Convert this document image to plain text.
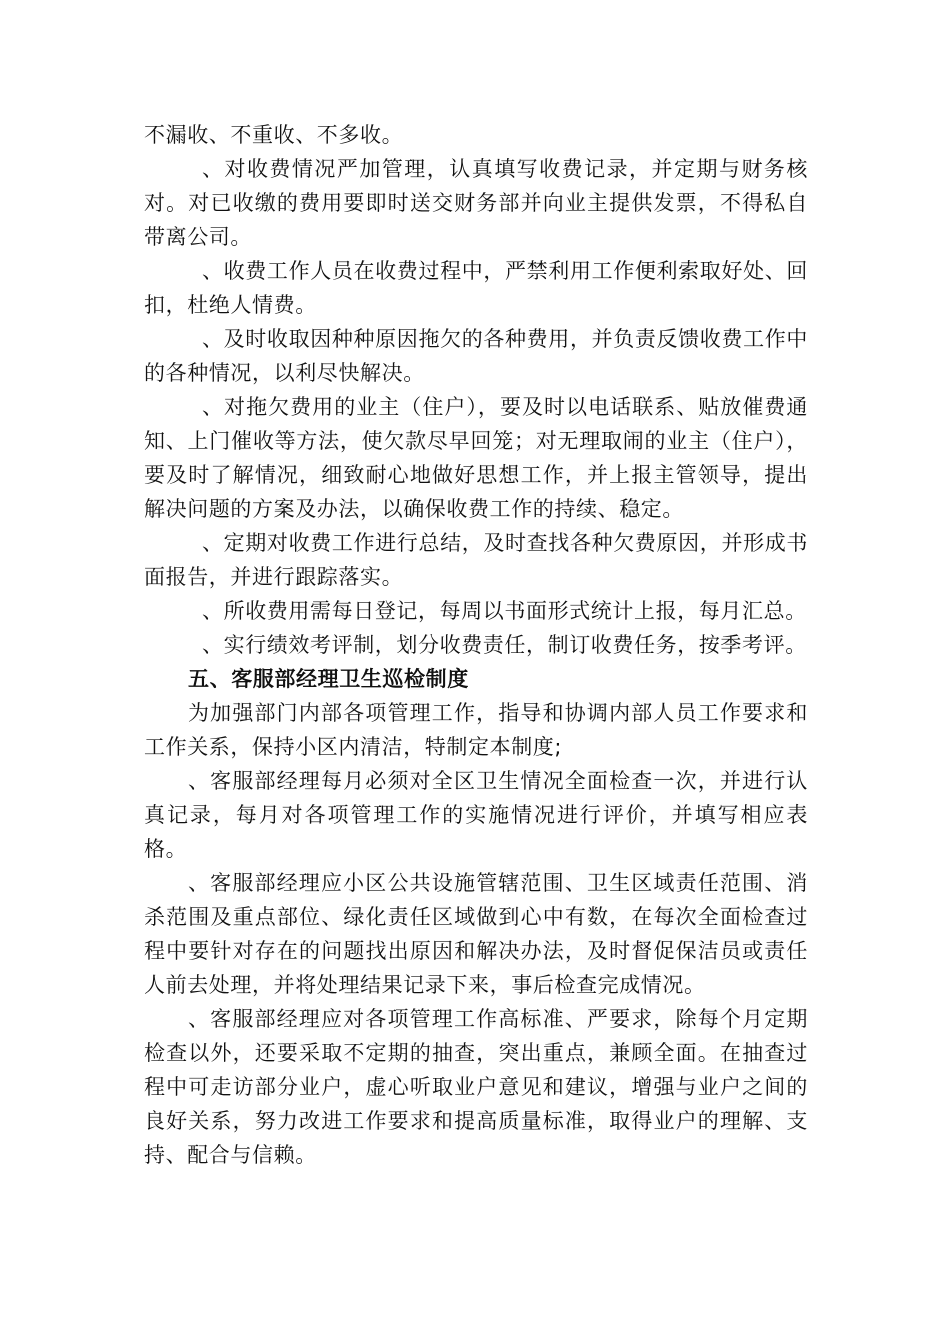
不漏收、不重收、不多收。

、对收费情况严加管理，认真填写收费记录，并定期与财务核对。对已收缴的费用要即时送交财务部并向业主提供发票，不得私自带离公司。

、收费工作人员在收费过程中，严禁利用工作便利索取好处、回扣，杜绝人情费。

、及时收取因种种原因拖欠的各种费用，并负责反馈收费工作中的各种情况，以利尽快解决。

、对拖欠费用的业主（住户），要及时以电话联系、贴放催费通知、上门催收等方法，使欠款尽早回笼；对无理取闹的业主（住户），要及时了解情况，细致耐心地做好思想工作，并上报主管领导，提出解决问题的方案及办法，以确保收费工作的持续、稳定。

、定期对收费工作进行总结，及时查找各种欠费原因，并形成书面报告，并进行跟踪落实。

、所收费用需每日登记，每周以书面形式统计上报，每月汇总。

、实行绩效考评制，划分收费责任，制订收费任务，按季考评。

五、客服部经理卫生巡检制度

为加强部门内部各项管理工作，指导和协调内部人员工作要求和工作关系，保持小区内清洁，特制定本制度;

、客服部经理每月必须对全区卫生情况全面检查一次，并进行认真记录，每月对各项管理工作的实施情况进行评价，并填写相应表格。

、客服部经理应小区公共设施管辖范围、卫生区域责任范围、消杀范围及重点部位、绿化责任区域做到心中有数，在每次全面检查过程中要针对存在的问题找出原因和解决办法，及时督促保洁员或责任人前去处理，并将处理结果记录下来，事后检查完成情况。

、客服部经理应对各项管理工作高标准、严要求，除每个月定期检查以外，还要采取不定期的抽查，突出重点，兼顾全面。在抽查过程中可走访部分业户，虚心听取业户意见和建议，增强与业户之间的良好关系，努力改进工作要求和提高质量标准，取得业户的理解、支持、配合与信赖。
